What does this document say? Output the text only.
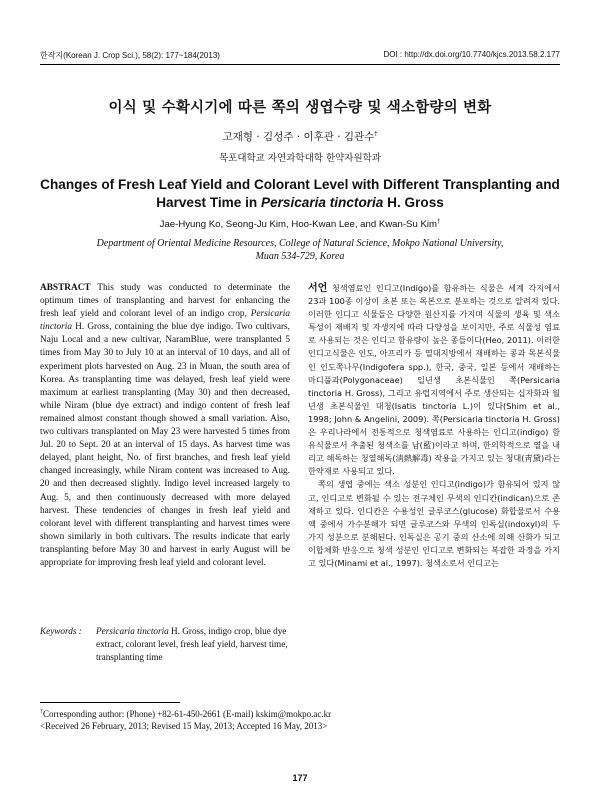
한작지(Korean J. Crop Sci.), 58(2): 177~184(2013)	DOI : http://dx.doi.org/10.7740/kjcs.2013.58.2.177
이식 및 수확시기에 따른 쪽의 생엽수량 및 색소함량의 변화
고재형 · 김성주 · 이후관 · 김관수†
목포대학교 자연과학대학 한약자원학과
Changes of Fresh Leaf Yield and Colorant Level with Different Transplanting and Harvest Time in Persicaria tinctoria H. Gross
Jae-Hyung Ko, Seong-Ju Kim, Hoo-Kwan Lee, and Kwan-Su Kim†
Department of Oriental Medicine Resources, College of Natural Science, Mokpo National University,
Muan 534-729, Korea
ABSTRACT This study was conducted to determinate the optimum times of transplanting and harvest for enhancing the fresh leaf yield and colorant level of an indigo crop, Persicaria tinctoria H. Gross, containing the blue dye indigo. Two cultivars, Naju Local and a new cultivar, NaramBlue, were transplanted 5 times from May 30 to July 10 at an interval of 10 days, and all of experiment plots harvested on Aug. 23 in Muan, the south area of Korea. As transplanting time was delayed, fresh leaf yield were maximum at earliest transplanting (May 30) and then decreased, while Niram (blue dye extract) and indigo content of fresh leaf remained almost constant though showed a small variation. Also, two cultivars transplanted on May 23 were harvested 5 times from Jul. 20 to Sept. 20 at an interval of 15 days. As harvest time was delayed, plant height, No. of first branches, and fresh leaf yield changed increasingly, while Niram content was increased to Aug. 20 and then decreased slightly. Indigo level increased largely to Aug. 5, and then continuously decreased with more delayed harvest. These tendencies of changes in fresh leaf yield and colorant level with different transplanting and harvest times were shown similarly in both cultivars. The results indicate that early transplanting before May 30 and harvest in early August will be appropriate for improving fresh leaf yield and colorant level.
Keywords : Persicaria tinctoria H. Gross, indigo crop, blue dye extract, colorant level, fresh leaf yield, harvest time, transplanting time

서언 청색염료인 인디고(Indigo)를 함유하는 식물은 세계 각지에서 23과 100종 이상이 초본 또는 목본으로 분포하는 것으로 알려져 있다. 이러한 인디고 식물들은 다양한 원산지를 가지며 식물의 생육 및 색소특성이 재배지 및 자생지에 따라 다양성을 보이지만, 주로 식물성 염료로 사용되는 것은 인디고 함유량이 높은 종들이다(Heo, 2011). 이러한 인디고식물은 인도, 아프리카 등 열대지방에서 재배하는 콩과 목본식물인 인도쪽나무(Indigofera spp.), 한국, 중국, 일본 등에서 재배하는 마디풀과(Polygonaceae) 일년생 초본식물인 쪽(Persicaria tinctoria H. Gross), 그리고 유럽지역에서 주로 생산되는 십자화과 월년생 초본식물인 대청(Isatis tinctoria L.)이 있다(Shim et al., 1998; John & Angelini, 2009). 쪽(Persicaria tinctoria H. Gross)은 우리나라에서 전통적으로 청색염료로 사용하는 인디고(indigo) 함유식물로서 추출된 청색소를 남(藍)이라고 하며, 한의학적으로 열을 내리고 해독하는 청열해독(淸熱解毒) 작용을 가지고 있는 청대(靑黛)라는 한약재로 사용되고 있다.

쪽의 생엽 중에는 색소 성분인 인디고(indigo)가 함유되어 있지 않고, 인디고로 변화될 수 있는 전구체인 무색의 인디칸(indican)으로 존재하고 있다. 인디칸은 수용성인 글루코스(glucose) 화합물로서 수용액 중에서 가수분해가 되면 글루코스와 무색의 인독실(indoxyl)의 두 가지 성분으로 분해된다. 인독실은 공기 중의 산소에 의해 산화가 되고 이합체화 반응으로 청색 성분인 인디고로 변화되는 복잡한 과정을 가지고 있다(Minami et al., 1997). 청색소로서 인디고는

†Corresponding author: (Phone) +82-61-450-2661 (E-mail) kskim@mokpo.ac.kr
<Received 26 February, 2013; Revised 15 May, 2013; Accepted 16 May, 2013>
177
